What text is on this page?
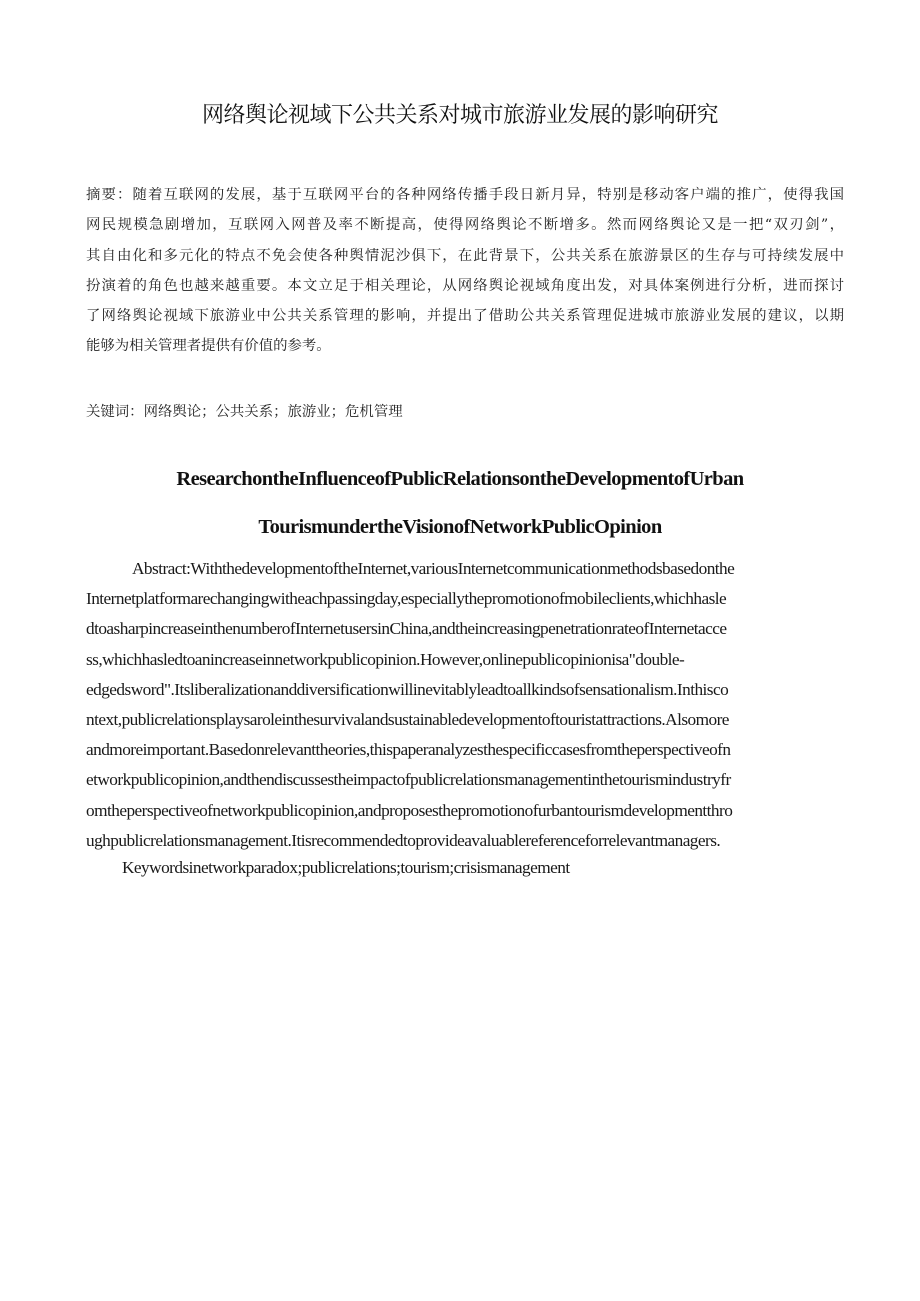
网络舆论视域下公共关系对城市旅游业发展的影响研究
摘要：随着互联网的发展，基于互联网平台的各种网络传播手段日新月异，特别是移动客户端的推广，使得我国
网民规模急剧增加，互联网入网普及率不断提高，使得网络舆论不断增多。然而网络舆论又是一把“双刃剑”，
其自由化和多元化的特点不免会使各种舆情泥沙俱下，在此背景下，公共关系在旅游景区的生存与可持续发展中
扮演着的角色也越来越重要。本文立足于相关理论，从网络舆论视域角度出发，对具体案例进行分析，进而探讨
了网络舆论视域下旅游业中公共关系管理的影响，并提出了借助公共关系管理促进城市旅游业发展的建议，以期
能够为相关管理者提供有价值的参考。
关键词：网络舆论；公共关系；旅游业；危机管理
ResearchontheInfluenceofPublicRelationsontheDevelopmentofUrban
TourismundertheVisionofNetworkPublicOpinion
Abstract:WiththedevelopmentoftheInternet,variousInternetcommunicationmethodsbasedonthe
Internetplatformarechangingwitheachpassingday,especiallythepromotionofmobileclients,whichhasle
dtoasharpincreaseinthenumberofInternetusersinChina,andtheincreasingpenetrationrateofInternetacce
ss,whichhasledtoanincreaseinnetworkpublicopinion.However,onlinepublicopinionisa"double-
edgedsword".Itsliberalizationanddiversificationwillinevitablyleadtoallkindsofsensationalism.Inthisco
ntext,publicrelationsplaysaroleinthesurvivalandsustainabledevelopmentoftouristattractions.Alsomore
andmoreimportant.Basedonrelevanttheories,thispaperanalyzesthespecificcasesfromtheperspectiveofn
etworkpublicopinion,andthendiscussestheimpactofpublicrelationsmanagementinthetourismindustryfr
omtheperspectiveofnetworkpublicopinion,andproposesthepromotionofurbantourismdevelopmentthro
ughpublicrelationsmanagement.Itisrecommendedtoprovideavaluablereferenceforrelevantmanagers.
Keywordsinetworkparadox;publicrelations;tourism;crisismanagement
